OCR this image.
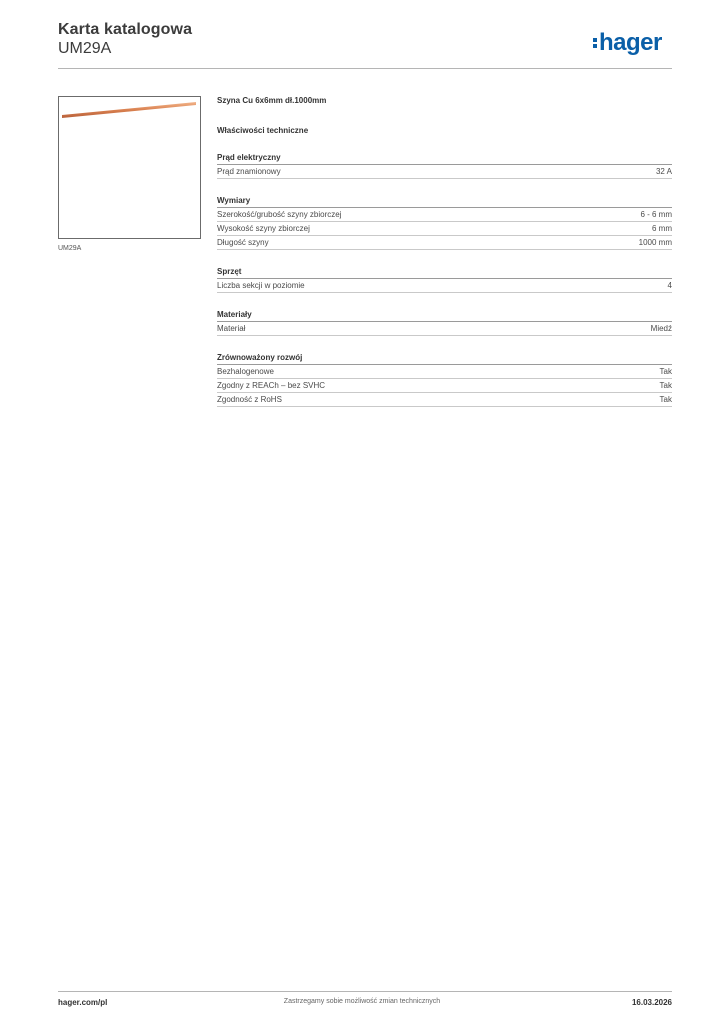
Karta katalogowa
UM29A	hager
UM29A
Szyna Cu 6x6mm dł.1000mm
Właściwości techniczne
Prąd elektryczny
Prąd znamionowy	32 A
Wymiary
Szerokość/grubość szyny zbiorczej	6 - 6 mm
Wysokość szyny zbiorczej	6 mm
Długość szyny	1000 mm
Sprzęt
Liczba sekcji w poziomie	4
Materiały
Materiał	Miedź
Zrównoważony rozwój
Bezhalogenowe	Tak
Zgodny z REACh – bez SVHC	Tak
Zgodność z RoHS	Tak
hager.com/pl	Zastrzegamy sobie możliwość zmian technicznych	16.03.2026
